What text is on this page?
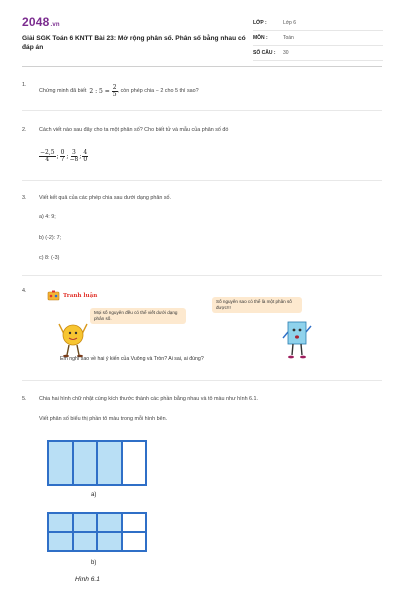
2048.vn
Giải SGK Toán 6 KNTT Bài 23: Mở rộng phân số. Phân số bằng nhau có đáp án
LỚP :	Lớp 6
MÔN :	Toán
SỐ CÂU :	30
1.
Chứng minh đã biết 2 : $5 = \frac{2}{5}$ , còn phép chia − 2 cho 5 thì sao?
2. Cách viết nào sau đây cho ta một phân số? Cho biết tử và mẫu của phân số đó
$\frac{-2,5}{4}$ ; $\frac{0}{7}$ ; $\frac{3}{-8}$ ; $\frac{4}{0}$
3. Viết kết quả của các phép chia sau dưới dạng phân số.
a) 4: 9;
b) (-2): 7;
c) 8: (-3)
4.
Tranh luận
Mọi số nguyên đều có thể viết dưới dạng phân số.
Số nguyên sao có thể là một phân số được!!!
Em nghĩ sao về hai ý kiến của Vuông và Tròn? Ai sai, ai đúng?
5. Chia hai hình chữ nhật cùng kích thước thành các phần bằng nhau và tô màu như hình 6.1.
Viết phân số biểu thị phần tô màu trong mỗi hình bên.
a)
b)
Hình 6.1
